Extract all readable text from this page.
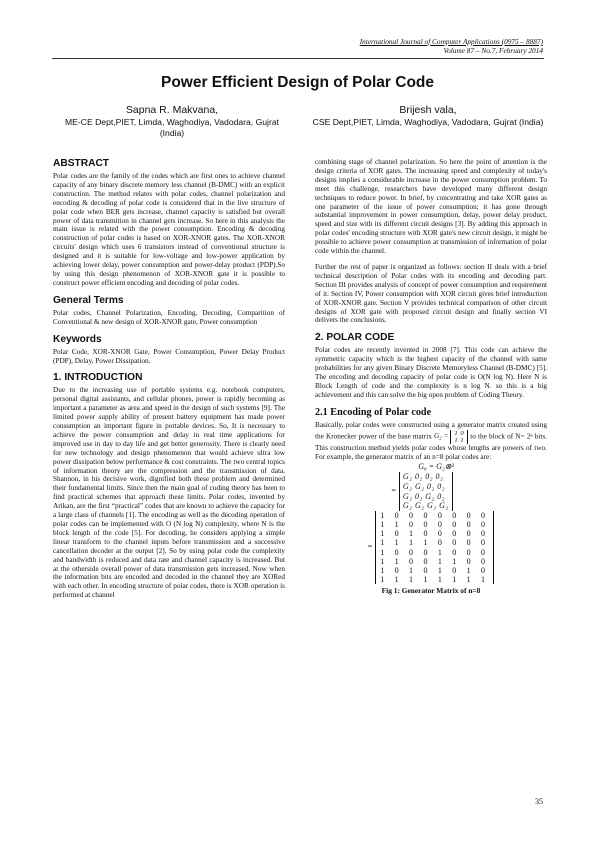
International Journal of Computer Applications (0975 – 8887)
Volume 87 – No.7, February 2014
Power Efficient Design of Polar Code
Sapna R. Makvana,
ME-CE Dept,PIET, Limda, Waghodiya, Vadodara, Gujrat (India)
Brijesh vala,
CSE Dept,PIET, Limda, Waghodiya, Vadodara, Gujrat (India)
ABSTRACT

Polar codes are the family of the codes which are first ones to achieve channel capacity of any binary discrete memory less channel (B-DMC) with an explicit construction. The method relates with polar codes, channel polarization and encoding & decoding of polar code is considered that in the live structure of polar code when BER gets increase, channel capacity is satisfied but overall power of data transmition in channel gets increase. So here in this analysis the main issue is related with the power consumption. Encoding & decoding construction of polar codes is based on XOR-XNOR gates. The XOR-XNOR circuits' design which uses 6 transistors instead of conventional structure is designed and it is suitable for low-voltage and low-power application by achieving lower delay, power consumption and power-delay product (PDP).So by using this design phenomenon of XOR-XNOR gate it is possible to construct power efficient encoding and decoding of polar codes.

General Terms

Polar codes, Channel Polarization, Encoding, Decoding, Comparition of Conventional & new design of XOR-XNOR gate, Power consumption

Keywords

Polar Code, XOR-XNOR Gate, Power Consumption, Power Delay Product (PDP), Delay, Power Dissipation.

1. INTRODUCTION

Due to the increasing use of portable systems e.g. notebook computers, personal digital assistants, and cellular phones, power is rapidly becoming as important a parameter as area and speed in the design of such systems [9]. The limited power supply ability of present battery equipment has made power consumption an important figure in portable devices. So, It is necessary to achieve the power consumption and delay in real time applications for improved use in day to day life and get better generosity. There is clearly need for new technology and design phenomenon that would achieve ultra low power dissipation below performance & cost constraints. The two central topics of information theory are the compression and the transmission of data. Shannon, in his decisive work, dignified both these problem and determined their fundamental limits. Since then the main goal of coding theory has been to find practical schemes that approach these limits. Polar codes, invented by Arikan, are the first “practical” codes that are known to achieve the capacity for a large class of channels [1]. The encoding as well as the decoding operation of polar codes can be implemented with O (N log N) complexity, where N is the block length of the code [5]. For decoding, he considers applying a simple linear transform to the channel inputs before transmission and a successive cancellation decoder at the output [2]. So by using polar code the complexity and bandwidth is reduced and data rate and channel capacity is increased. But at the otherside overall power of data transmission gets increased. Now when the information bits are encoded and decoded in the channel they are XORed with each other. In encoding structure of polar codes, there is XOR operation is performed at channel

combining stage of channel polarization. So here the point of attention is the design criteria of XOR gates. The increasing speed and complexity of today's designs implies a considerable increase in the power consumption problem. To meet this challenge, researchers have developed many different design techniques to reduce power. In brief, by concentrating and take XOR gates as one parameter of the issue of power consumption; it has gone through substantial improvement in power consumption, delay, power delay product, speed and size with its different circuit designs [3]. By adding this approach in polar codes' encoding structure with XOR gate's new circuit design, it might be possible to achieve power consumption at transmission of information of polar code within the channel.

Further the rest of paper is organized as follows: section II deals with a brief technical description of Polar codes with its encoding and decoding part. Section III provides analysis of concept of power consumption and requirement of it. Section IV, Power consumption with XOR circuit gives brief introduction of XOR-XNOR gate. Section V provides technical comparison of other circuit designs of XOR gate with proposed circuit design and finally section VI delivers the conclusions.

2. POLAR CODE

Polar codes are recently invented in 2008 [7]. This code can achieve the symmetric capacity which is the highest capacity of the channel with same probabilities for any given Binary Discrete Memoryless Channel (B-DMC) [5]. The encoding and decoding capacity of polar code is O(N log N). Here N is Block Length of code and the complexity is n log N. so this is a big achievement and this can solve the big open problem of Coding Theory.

2.1 Encoding of Polar code

Basically, polar codes were constructed using a generator matrix created using the Kronecker power of the base matrix G₂ = 1 0
1 1 to the block of N= 2ⁿ bits. This construction method yields polar codes whose lengths are powers of two. For example, the generator matrix of an n=8 polar codes are:

G₈ = G₂⊗³
=
G₂ 0₂ 0₂ 0₂
G₂ G₂ 0₂ 0₂
G₂ 0₂ G₂ 0₂
G₂ G₂ G₂ G₂
=
1 0 0 0 0 0 0 0
1 1 0 0 0 0 0 0
1 0 1 0 0 0 0 0
1 1 1 1 0 0 0 0
1 0 0 0 1 0 0 0
1 1 0 0 1 1 0 0
1 0 1 0 1 0 1 0
1 1 1 1 1 1 1 1
Fig 1: Generator Matrix of n=8
35
